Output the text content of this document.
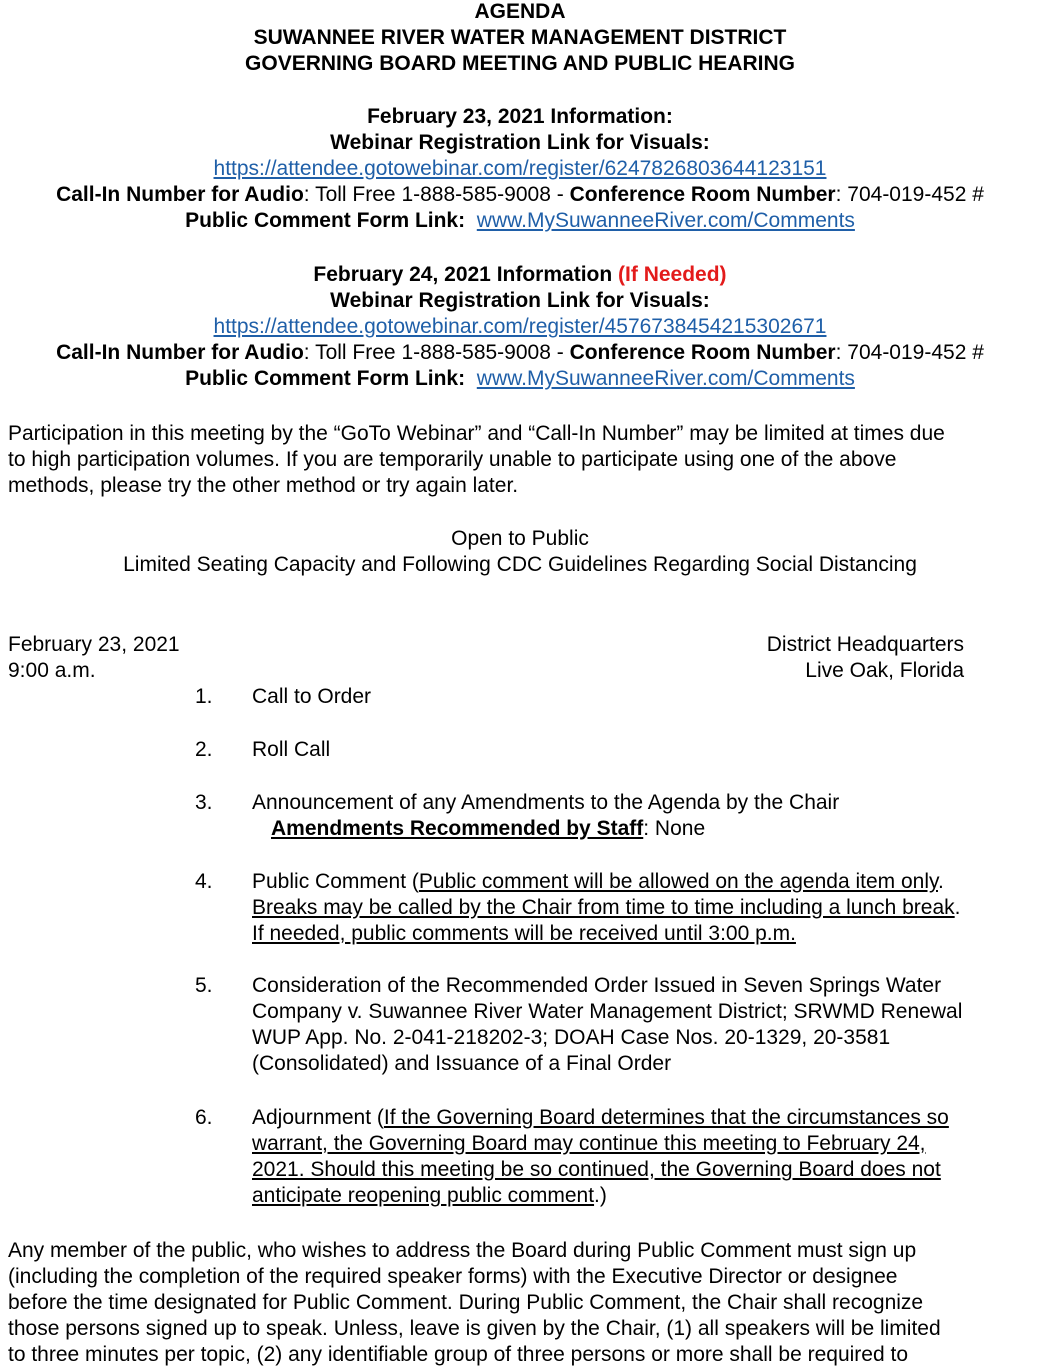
AGENDA
SUWANNEE RIVER WATER MANAGEMENT DISTRICT
GOVERNING BOARD MEETING AND PUBLIC HEARING
February 23, 2021 Information:
Webinar Registration Link for Visuals:
https://attendee.gotowebinar.com/register/6247826803644123151
Call-In Number for Audio: Toll Free 1-888-585-9008 - Conference Room Number: 704-019-452 #
Public Comment Form Link: www.MySuwanneeRiver.com/Comments
February 24, 2021 Information (If Needed)
Webinar Registration Link for Visuals:
https://attendee.gotowebinar.com/register/4576738454215302671
Call-In Number for Audio: Toll Free 1-888-585-9008 - Conference Room Number: 704-019-452 #
Public Comment Form Link: www.MySuwanneeRiver.com/Comments
Participation in this meeting by the “GoTo Webinar” and “Call-In Number” may be limited at times due
to high participation volumes. If you are temporarily unable to participate using one of the above
methods, please try the other method or try again later.
Open to Public
Limited Seating Capacity and Following CDC Guidelines Regarding Social Distancing
February 23, 2021
9:00 a.m.
District Headquarters
Live Oak, Florida
1.	Call to Order
2.	Roll Call
3.	Announcement of any Amendments to the Agenda by the Chair
Amendments Recommended by Staff: None
4.	Public Comment (Public comment will be allowed on the agenda item only.
Breaks may be called by the Chair from time to time including a lunch break.
If needed, public comments will be received until 3:00 p.m.
5.	Consideration of the Recommended Order Issued in Seven Springs Water
Company v. Suwannee River Water Management District; SRWMD Renewal
WUP App. No. 2-041-218202-3; DOAH Case Nos. 20-1329, 20-3581
(Consolidated) and Issuance of a Final Order
6.	Adjournment (If the Governing Board determines that the circumstances so
warrant, the Governing Board may continue this meeting to February 24,
2021. Should this meeting be so continued, the Governing Board does not
anticipate reopening public comment.)
Any member of the public, who wishes to address the Board during Public Comment must sign up
(including the completion of the required speaker forms) with the Executive Director or designee
before the time designated for Public Comment. During Public Comment, the Chair shall recognize
those persons signed up to speak. Unless, leave is given by the Chair, (1) all speakers will be limited
to three minutes per topic, (2) any identifiable group of three persons or more shall be required to
